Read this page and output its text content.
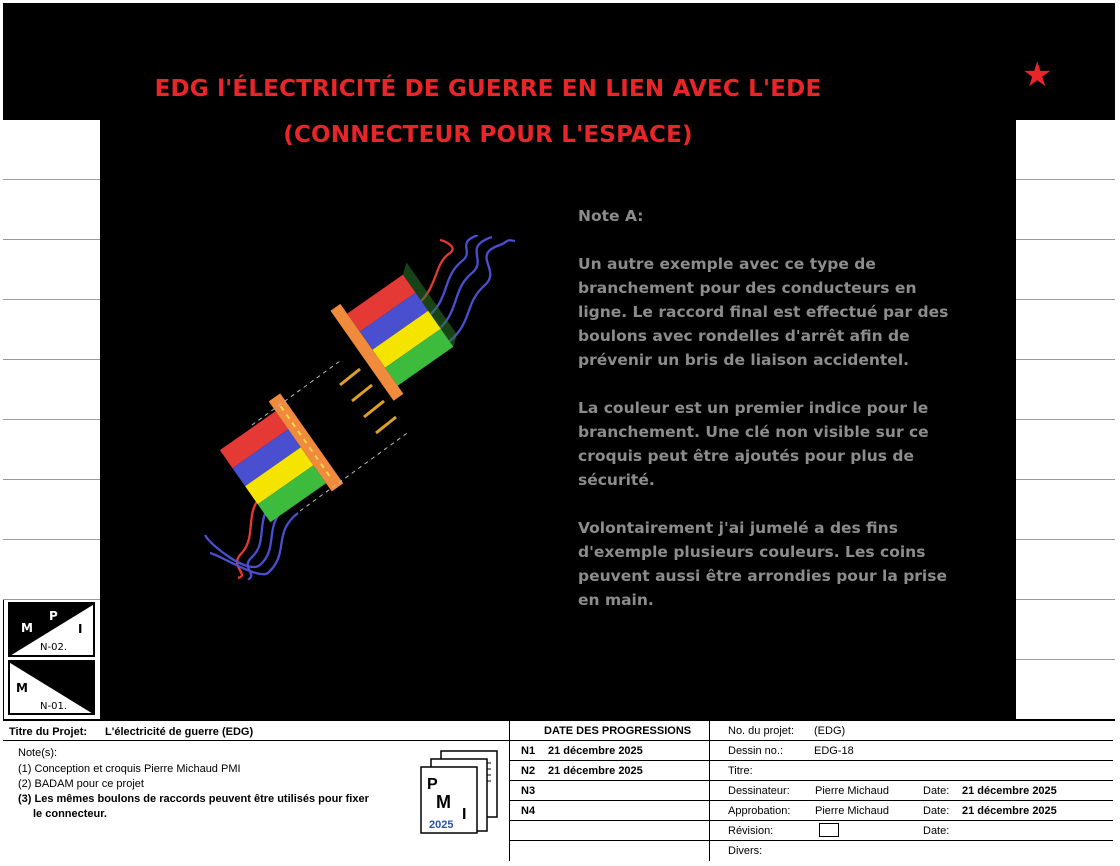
EDG l'ÉLECTRICITÉ DE GUERRE EN LIEN AVEC L'EDE
(CONNECTEUR POUR L'ESPACE)
★

Note A:

Un autre exemple avec ce type de branchement pour des conducteurs en ligne. Le raccord final est effectué par des boulons avec rondelles d'arrêt afin de prévenir un bris de liaison accidentel.

La couleur est un premier indice pour le branchement. Une clé non visible sur ce croquis peut être ajoutés pour plus de sécurité.

Volontairement j'ai jumelé a des fins d'exemple plusieurs couleurs. Les coins peuvent aussi être arrondies pour la prise en main.

M
P
I
N-02.
M
P
I
N-01.
Titre du Projet: L'électricité de guerre (EDG)
Note(s):
(1) Conception et croquis Pierre Michaud PMI
(2) BADAM pour ce projet
(3) Les mêmes boulons de raccords peuvent être utilisés pour fixer
le connecteur.
P
M
I
2025
DATE DES PROGRESSIONS
N1 21 décembre 2025
N2 21 décembre 2025
N3
N4
No. du projet: (EDG)
Dessin no.:	EDG-18
Titre:
Dessinateur: Pierre Michaud	Date: 21 décembre 2025
Approbation: Pierre Michaud	Date: 21 décembre 2025
Révision:	Date:
Divers:
